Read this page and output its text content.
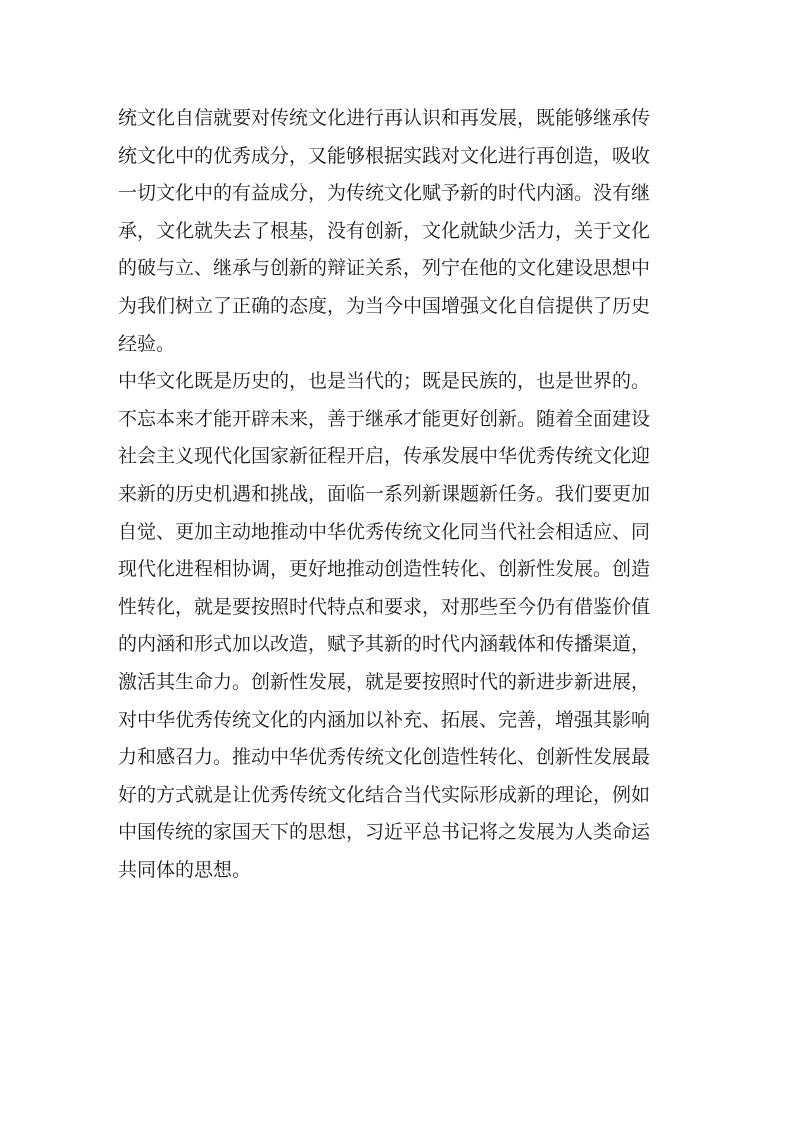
统文化自信就要对传统文化进行再认识和再发展，既能够继承传
统文化中的优秀成分，又能够根据实践对文化进行再创造，吸收
一切文化中的有益成分，为传统文化赋予新的时代内涵。没有继
承，文化就失去了根基，没有创新，文化就缺少活力，关于文化
的破与立、继承与创新的辩证关系，列宁在他的文化建设思想中
为我们树立了正确的态度，为当今中国增强文化自信提供了历史
经验。
中华文化既是历史的，也是当代的；既是民族的，也是世界的。
不忘本来才能开辟未来，善于继承才能更好创新。随着全面建设
社会主义现代化国家新征程开启，传承发展中华优秀传统文化迎
来新的历史机遇和挑战，面临一系列新课题新任务。我们要更加
自觉、更加主动地推动中华优秀传统文化同当代社会相适应、同
现代化进程相协调，更好地推动创造性转化、创新性发展。创造
性转化，就是要按照时代特点和要求，对那些至今仍有借鉴价值
的内涵和形式加以改造，赋予其新的时代内涵载体和传播渠道，
激活其生命力。创新性发展，就是要按照时代的新进步新进展，
对中华优秀传统文化的内涵加以补充、拓展、完善，增强其影响
力和感召力。推动中华优秀传统文化创造性转化、创新性发展最
好的方式就是让优秀传统文化结合当代实际形成新的理论，例如
中国传统的家国天下的思想，习近平总书记将之发展为人类命运
共同体的思想。
